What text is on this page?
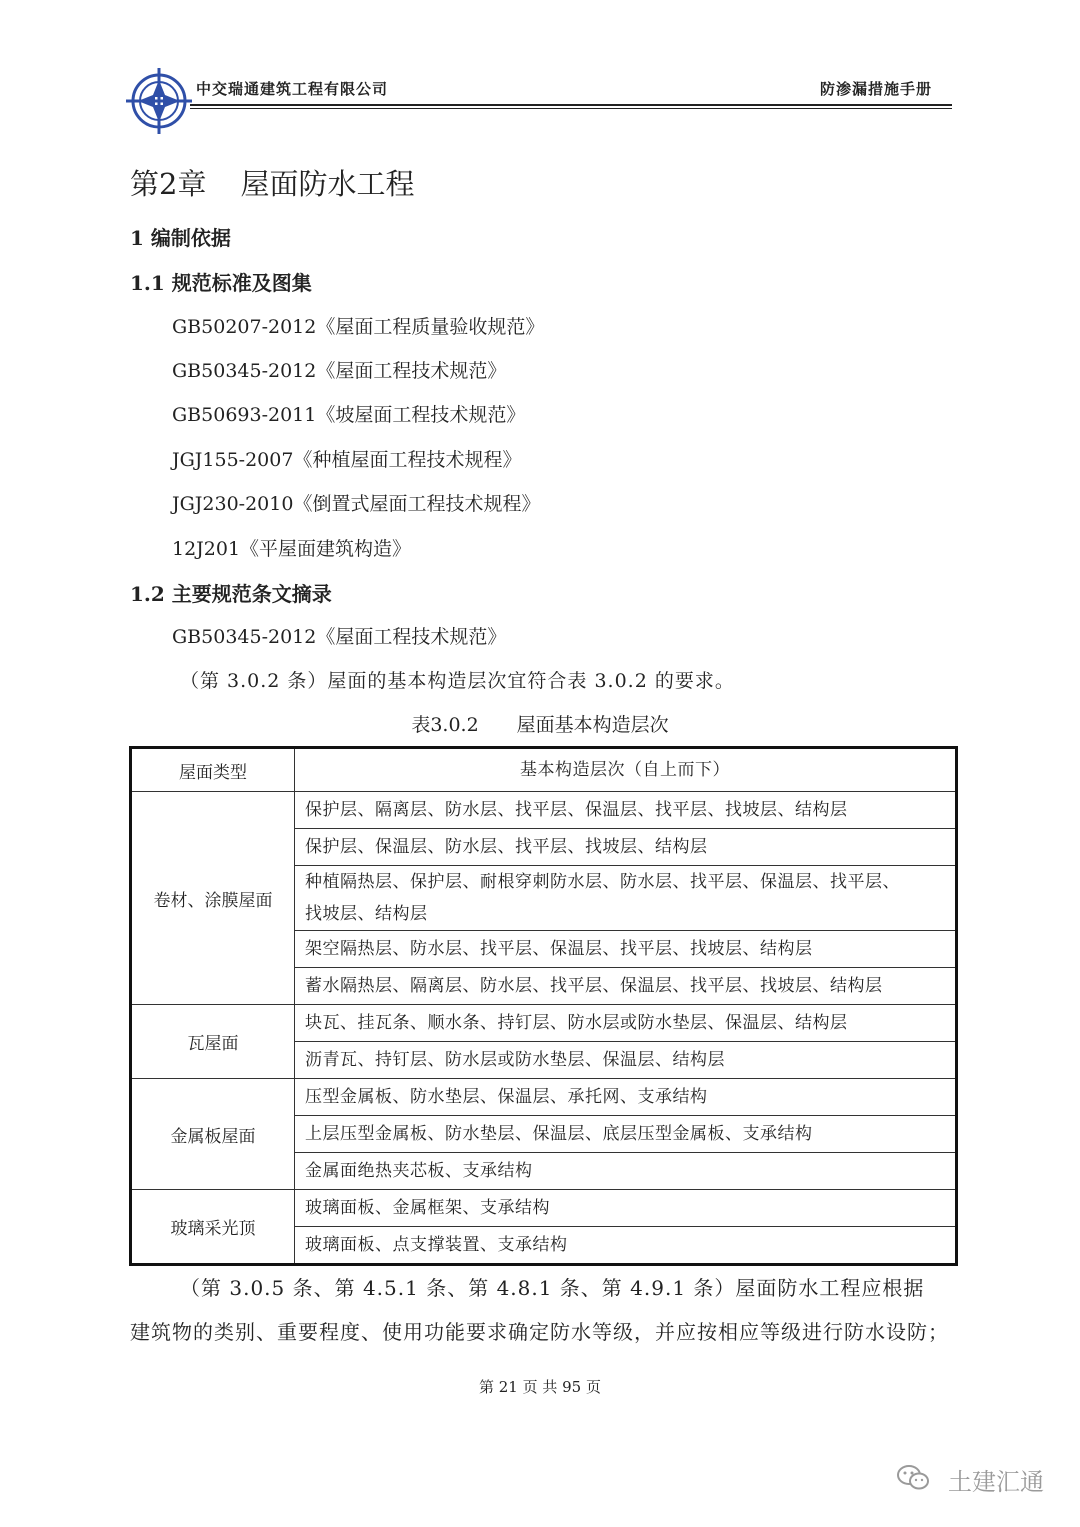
中交瑞通建筑工程有限公司	防渗漏措施手册
第2章 屋面防水工程
1 编制依据
1.1 规范标准及图集
GB50207-2012《屋面工程质量验收规范》
GB50345-2012《屋面工程技术规范》
GB50693-2011《坡屋面工程技术规范》
JGJ155-2007《种植屋面工程技术规程》
JGJ230-2010《倒置式屋面工程技术规程》
12J201《平屋面建筑构造》
1.2 主要规范条文摘录
GB50345-2012《屋面工程技术规范》
（第 3.0.2 条）屋面的基本构造层次宜符合表 3.0.2 的要求。
表3.0.2　　屋面基本构造层次
屋面类型	基本构造层次（自上而下）
卷材、涂膜屋面	保护层、隔离层、防水层、找平层、保温层、找平层、找坡层、结构层
	保护层、保温层、防水层、找平层、找坡层、结构层

	种植隔热层、保护层、耐根穿刺防水层、防水层、找平层、保温层、找平层、
找坡层、结构层

	架空隔热层、防水层、找平层、保温层、找平层、找坡层、结构层
	蓄水隔热层、隔离层、防水层、找平层、保温层、找平层、找坡层、结构层
瓦屋面	块瓦、挂瓦条、顺水条、持钉层、防水层或防水垫层、保温层、结构层
	沥青瓦、持钉层、防水层或防水垫层、保温层、结构层
金属板屋面	压型金属板、防水垫层、保温层、承托网、支承结构
	上层压型金属板、防水垫层、保温层、底层压型金属板、支承结构
	金属面绝热夹芯板、支承结构
玻璃采光顶	玻璃面板、金属框架、支承结构
	玻璃面板、点支撑装置、支承结构
（第 3.0.5 条、第 4.5.1 条、第 4.8.1 条、第 4.9.1 条）屋面防水工程应根据
建筑物的类别、重要程度、使用功能要求确定防水等级，并应按相应等级进行防水设防；
第 21 页 共 95 页
土建汇通
